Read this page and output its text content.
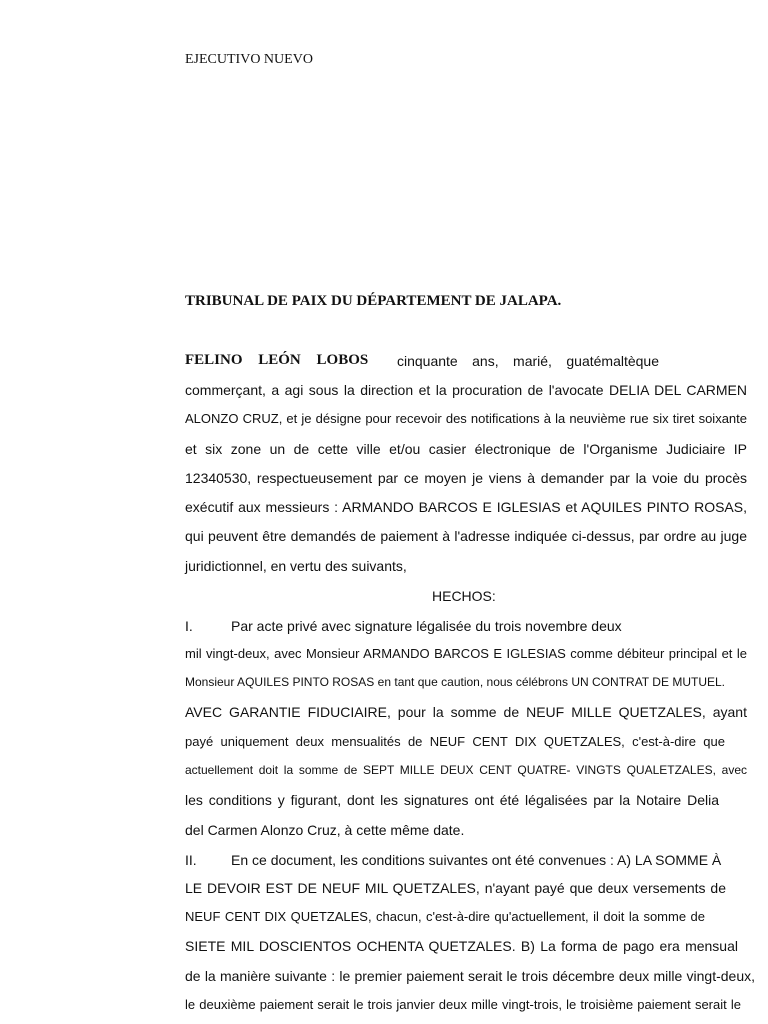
EJECUTIVO NUEVO
TRIBUNAL DE PAIX DU DÉPARTEMENT DE JALAPA.
FELINO LEÓN LOBOS cinquante ans, marié, guatémaltèque
commerçant, a agi sous la direction et la procuration de l'avocate DELIA DEL CARMEN
ALONZO CRUZ, et je désigne pour recevoir des notifications à la neuvième rue six tiret soixante
et six zone un de cette ville et/ou casier électronique de l'Organisme Judiciaire IP
12340530, respectueusement par ce moyen je viens à demander par la voie du procès
exécutif aux messieurs : ARMANDO BARCOS E IGLESIAS et AQUILES PINTO ROSAS,
qui peuvent être demandés de paiement à l'adresse indiquée ci-dessus, par ordre au juge
juridictionnel, en vertu des suivants,
HECHOS:
I.	Par acte privé avec signature légalisée du trois novembre deux
mil vingt-deux, avec Monsieur ARMANDO BARCOS E IGLESIAS comme débiteur principal et le
Monsieur AQUILES PINTO ROSAS en tant que caution, nous célébrons UN CONTRAT DE MUTUEL.
AVEC GARANTIE FIDUCIAIRE, pour la somme de NEUF MILLE QUETZALES, ayant
payé uniquement deux mensualités de NEUF CENT DIX QUETZALES, c'est-à-dire que
actuellement doit la somme de SEPT MILLE DEUX CENT QUATRE- VINGTS QUALETZALES, avec
les conditions y figurant, dont les signatures ont été légalisées par la Notaire Delia
del Carmen Alonzo Cruz, à cette même date.
II. En ce document, les conditions suivantes ont été convenues : A) LA SOMME À
LE DEVOIR EST DE NEUF MIL QUETZALES, n'ayant payé que deux versements de
NEUF CENT DIX QUETZALES, chacun, c'est-à-dire qu'actuellement, il doit la somme de
SIETE MIL DOSCIENTOS OCHENTA QUETZALES. B) La forma de pago era mensual
de la manière suivante : le premier paiement serait le trois décembre deux mille vingt-deux,
le deuxième paiement serait le trois janvier deux mille vingt-trois, le troisième paiement serait le
